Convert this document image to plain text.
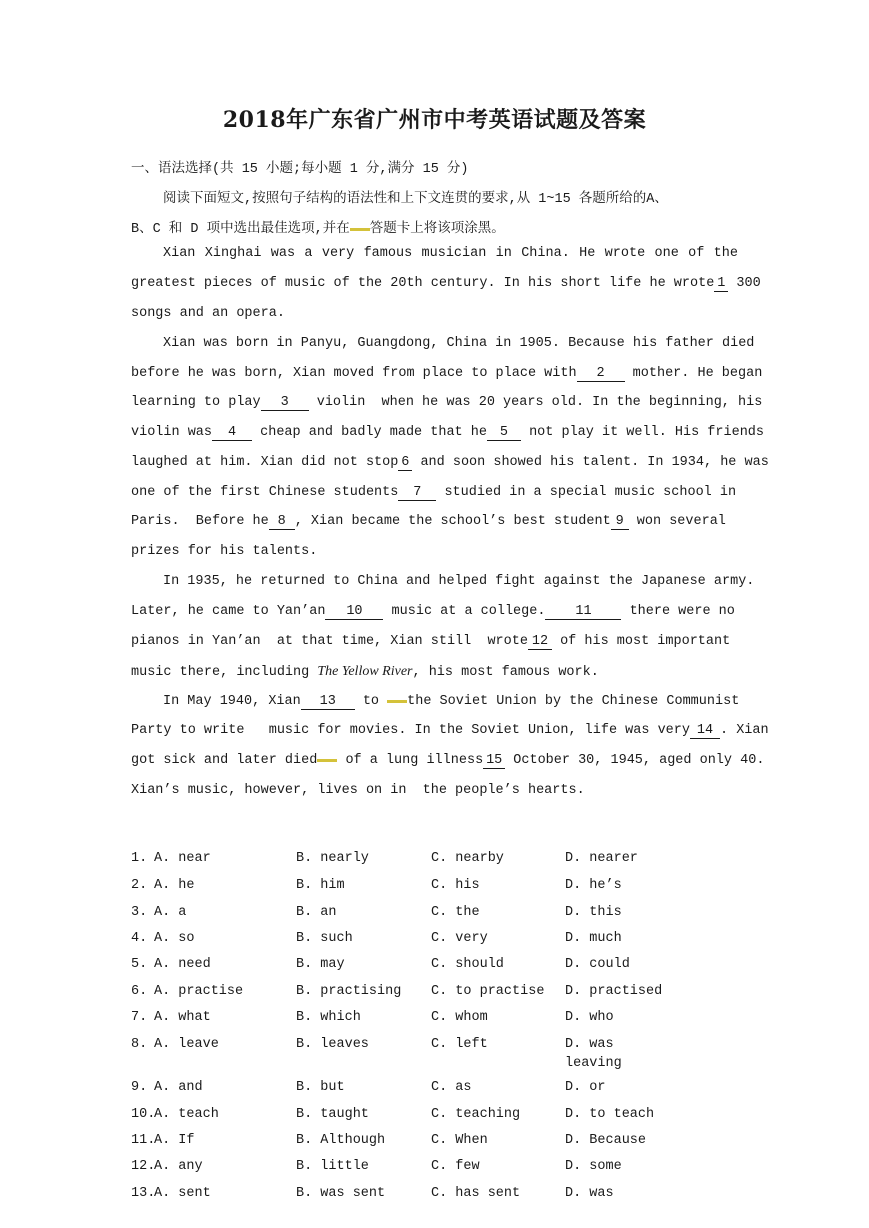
2018年广东省广州市中考英语试题及答案
一、语法选择(共 15 小题;每小题 1 分,满分 15 分)
阅读下面短文,按照句子结构的语法性和上下文连贯的要求,从 1~15 各题所给的A、
B、C 和 D 项中选出最佳选项,并在 答题卡上将该项涂黑。
Xian Xinghai was a very famous musician in China. He wrote one of the
greatest pieces of music of the 20th century. In his short life he wrote 1 300
songs and an opera.
Xian was born in Panyu, Guangdong, China in 1905. Because his father died
before he was born, Xian moved from place to place with 2 mother. He began
learning to play 3 violin  when he was 20 years old. In the beginning, his
violin was 4 cheap and badly made that he 5 not play it well. His friends
laughed at him. Xian did not stop 6 and soon showed his talent. In 1934, he was
one of the first Chinese students 7 studied in a special music school in
Paris.  Before he 8 , Xian became the school’s best student 9 won several
prizes for his talents.
In 1935, he returned to China and helped fight against the Japanese army.
Later, he came to Yan’an 10 music at a college. 11 there were no
pianos in Yan’an  at that time, Xian still  wrote 12 of his most important
music there, including The Yellow River, his most famous work.
In May 1940, Xian 13 to the Soviet Union by the Chinese Communist
Party to write   music for movies. In the Soviet Union, life was very 14 . Xian
got sick and later died of a lung illness 15 October 30, 1945, aged only 40.
Xian’s music, however, lives on in  the people’s hearts.
1. A. near	B. nearly	C. nearby	D. nearer
2. A. he	B. him	C. his	D. he’s
3. A. a	B. an	C. the	D. this
4. A. so	B. such	C. very	D. much
5. A. need	B. may	C. should	D. could
6. A. practise	B. practising C. to practise D. practised
7. A. what	B. which	C. whom	D. who
8. A. leave	B. leaves	C. left	D. was
leaving
9. A. and	B. but	C. as	D. or
10.
A. teach	B. taught	C. teaching	D. to teach
11.
A. If	B. Although	C. When	D. Because
12.
A. any	B. little	C. few	D. some
13.
A. sent	B. was sent	C. has sent	D. was
